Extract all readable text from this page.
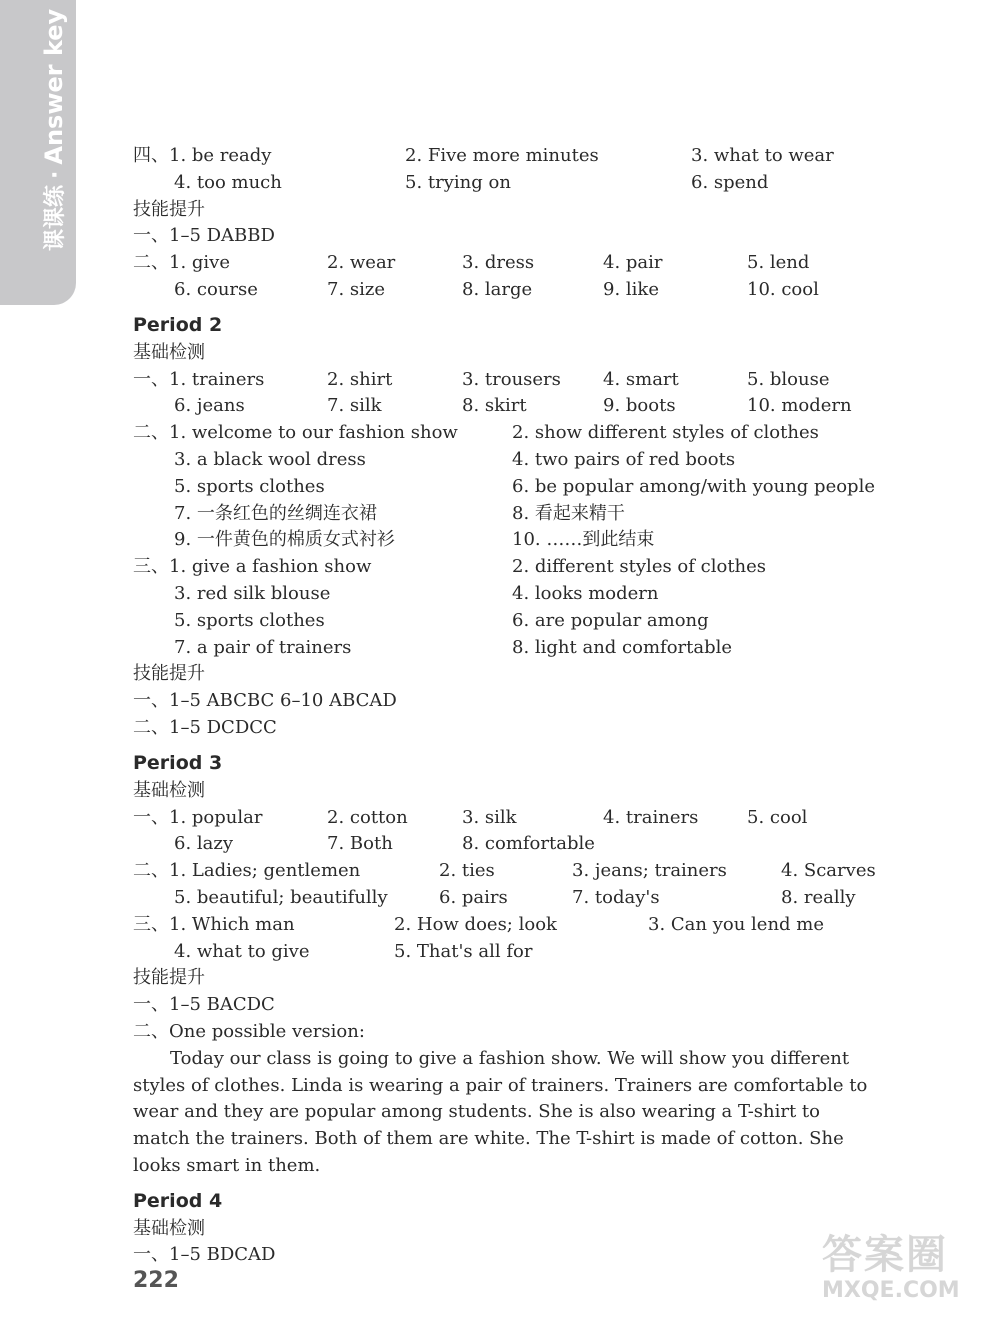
课课练·Answer key	四、1. be ready	2. Five more minutes	3. what to wear
4. too much	5. trying on	6. spend
技能提升
一、1–5 DABBD
二、1. give	2. wear	3. dress	4. pair	5. lend
6. course	7. size	8. large	9. like	10. cool
Period 2
基础检测
一、1. trainers	2. shirt	3. trousers 4. smart	5. blouse
6. jeans	7. silk	8. skirt	9. boots	10. modern
二、1. welcome to our fashion show	2. show different styles of clothes
3. a black wool dress	4. two pairs of red boots
5. sports clothes	6. be popular among/with young people
7. 一条红色的丝绸连衣裙	8. 看起来精干
9. 一件黄色的棉质女式衬衫	10. ……到此结束
三、1. give a fashion show	2. different styles of clothes
3. red silk blouse	4. looks modern
5. sports clothes	6. are popular among
7. a pair of trainers	8. light and comfortable
技能提升
一、1–5 ABCBC 6–10 ABCAD
二、1–5 DCDCC
Period 3
基础检测
一、1. popular	2. cotton	3. silk	4. trainers	5. cool
6. lazy	7. Both	8. comfortable
二、1. Ladies; gentlemen	2. ties	3. jeans; trainers	4. Scarves
5. beautiful; beautifully	6. pairs	7. today's	8. really
三、1. Which man	2. How does; look	3. Can you lend me
4. what to give	5. That's all for
技能提升
一、1–5 BACDC
二、One possible version:

Today our class is going to give a fashion show. We will show you different styles of clothes. Linda is wearing a pair of trainers. Trainers are comfortable to wear and they are popular among students. She is also wearing a T-shirt to match the trainers. Both of them are white. The T-shirt is made of cotton. She looks smart in them.

Period 4
基础检测
一、1–5 BDCAD
222
答案圈
MXQE.COM
